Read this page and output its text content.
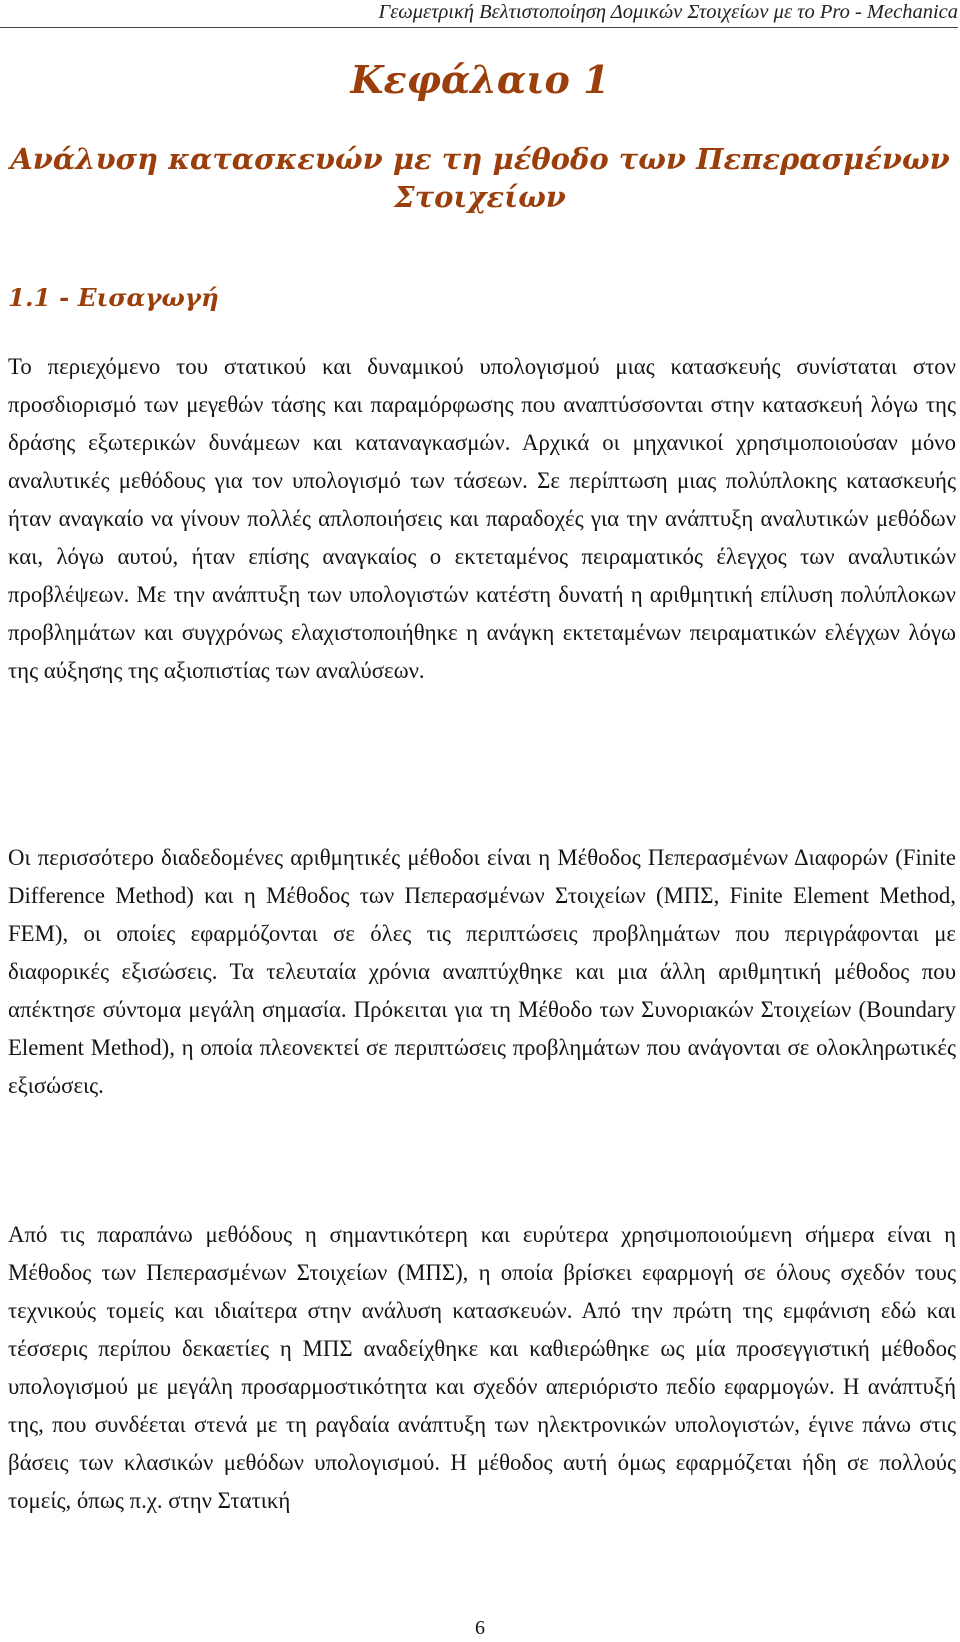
Γεωμετρική Βελτιστοποίηση Δομικών Στοιχείων με το Pro - Mechanica
Κεφάλαιο 1
Ανάλυση κατασκευών με τη μέθοδο των Πεπερασμένων Στοιχείων
1.1 - Εισαγωγή

Το περιεχόμενο του στατικού και δυναμικού υπολογισμού μιας κατασκευής συνίσταται στον προσδιορισμό των μεγεθών τάσης και παραμόρφωσης που αναπτύσσονται στην κατασκευή λόγω της δράσης εξωτερικών δυνάμεων και καταναγκασμών. Αρχικά οι μηχανικοί χρησιμοποιούσαν μόνο αναλυτικές μεθόδους για τον υπολογισμό των τάσεων. Σε περίπτωση μιας πολύπλοκης κατασκευής ήταν αναγκαίο να γίνουν πολλές απλοποιήσεις και παραδοχές για την ανάπτυξη αναλυτικών μεθόδων και, λόγω αυτού, ήταν επίσης αναγκαίος ο εκτεταμένος πειραματικός έλεγχος των αναλυτικών προβλέψεων. Με την ανάπτυξη των υπολογιστών κατέστη δυνατή η αριθμητική επίλυση πολύπλοκων προβλημάτων και συγχρόνως ελαχιστοποιήθηκε η ανάγκη εκτεταμένων πειραματικών ελέγχων λόγω της αύξησης της αξιοπιστίας των αναλύσεων.

Οι περισσότερο διαδεδομένες αριθμητικές μέθοδοι είναι η Μέθοδος Πεπερασμένων Διαφορών (Finite Difference Method) και η Μέθοδος των Πεπερασμένων Στοιχείων (ΜΠΣ, Finite Element Method, FEM), οι οποίες εφαρμόζονται σε όλες τις περιπτώσεις προβλημάτων που περιγράφονται με διαφορικές εξισώσεις. Τα τελευταία χρόνια αναπτύχθηκε και μια άλλη αριθμητική μέθοδος που απέκτησε σύντομα μεγάλη σημασία. Πρόκειται για τη Μέθοδο των Συνοριακών Στοιχείων (Boundary Element Method), η οποία πλεονεκτεί σε περιπτώσεις προβλημάτων που ανάγονται σε ολοκληρωτικές εξισώσεις.

Από τις παραπάνω μεθόδους η σημαντικότερη και ευρύτερα χρησιμοποιούμενη σήμερα είναι η Μέθοδος των Πεπερασμένων Στοιχείων (ΜΠΣ), η οποία βρίσκει εφαρμογή σε όλους σχεδόν τους τεχνικούς τομείς και ιδιαίτερα στην ανάλυση κατασκευών. Από την πρώτη της εμφάνιση εδώ και τέσσερις περίπου δεκαετίες η ΜΠΣ αναδείχθηκε και καθιερώθηκε ως μία προσεγγιστική μέθοδος υπολογισμού με μεγάλη προσαρμοστικότητα και σχεδόν απεριόριστο πεδίο εφαρμογών. Η ανάπτυξή της, που συνδέεται στενά με τη ραγδαία ανάπτυξη των ηλεκτρονικών υπολογιστών, έγινε πάνω στις βάσεις των κλασικών μεθόδων υπολογισμού. Η μέθοδος αυτή όμως εφαρμόζεται ήδη σε πολλούς τομείς, όπως π.χ. στην Στατική

6
